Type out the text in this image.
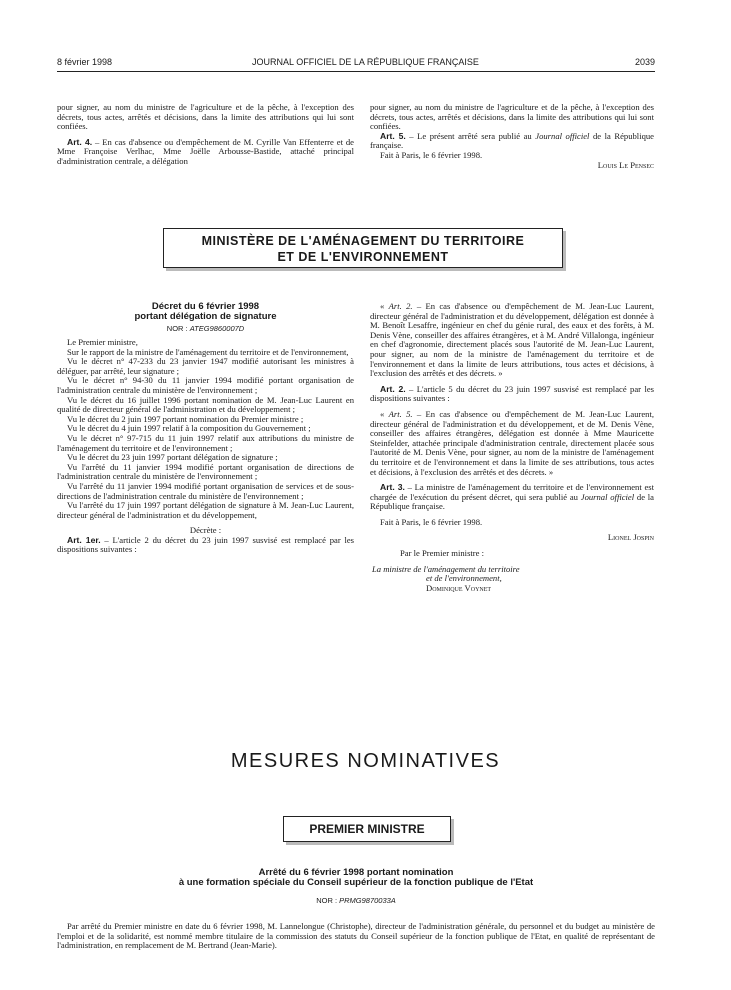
8 février 1998	JOURNAL OFFICIEL DE LA RÉPUBLIQUE FRANÇAISE	2039

pour signer, au nom du ministre de l'agriculture et de la pêche, à l'exception des décrets, tous actes, arrêtés et décisions, dans la limite des attributions qui lui sont confiées.

Art. 4. – En cas d'absence ou d'empêchement de M. Cyrille Van Effenterre et de Mme Françoise Verlhac, Mme Joëlle Arbousse-Bastide, attaché principal d'administration centrale, a délégation

pour signer, au nom du ministre de l'agriculture et de la pêche, à l'exception des décrets, tous actes, arrêtés et décisions, dans la limite des attributions qui lui sont confiées.

Art. 5. – Le présent arrêté sera publié au Journal officiel de la République française.

Fait à Paris, le 6 février 1998.

Louis Le Pensec

MINISTÈRE DE L'AMÉNAGEMENT DU TERRITOIRE
ET DE L'ENVIRONNEMENT
Décret du 6 février 1998
portant délégation de signature
NOR : ATEG9860007D

Le Premier ministre,

Sur le rapport de la ministre de l'aménagement du territoire et de l'environnement,

Vu le décret n° 47-233 du 23 janvier 1947 modifié autorisant les ministres à déléguer, par arrêté, leur signature ;

Vu le décret n° 94-30 du 11 janvier 1994 modifié portant organisation de l'administration centrale du ministère de l'environnement ;

Vu le décret du 16 juillet 1996 portant nomination de M. Jean-Luc Laurent en qualité de directeur général de l'administration et du développement ;

Vu le décret du 2 juin 1997 portant nomination du Premier ministre ;

Vu le décret du 4 juin 1997 relatif à la composition du Gouvernement ;

Vu le décret n° 97-715 du 11 juin 1997 relatif aux attributions du ministre de l'aménagement du territoire et de l'environnement ;

Vu le décret du 23 juin 1997 portant délégation de signature ;

Vu l'arrêté du 11 janvier 1994 modifié portant organisation de directions de l'administration centrale du ministère de l'environnement ;

Vu l'arrêté du 11 janvier 1994 modifié portant organisation de services et de sous-directions de l'administration centrale du ministère de l'environnement ;

Vu l'arrêté du 17 juin 1997 portant délégation de signature à M. Jean-Luc Laurent, directeur général de l'administration et du développement,

Décrète :

Art. 1er. – L'article 2 du décret du 23 juin 1997 susvisé est remplacé par les dispositions suivantes :

« Art. 2. – En cas d'absence ou d'empêchement de M. Jean-Luc Laurent, directeur général de l'administration et du développement, délégation est donnée à M. Benoît Lesaffre, ingénieur en chef du génie rural, des eaux et des forêts, à M. Denis Vène, conseiller des affaires étrangères, et à M. André Villalonga, ingénieur en chef d'agronomie, directement placés sous l'autorité de M. Jean-Luc Laurent, pour signer, au nom de la ministre de l'aménagement du territoire et de l'environnement et dans la limite de leurs attributions, tous actes et décisions, à l'exclusion des arrêtés et des décrets. »

Art. 2. – L'article 5 du décret du 23 juin 1997 susvisé est remplacé par les dispositions suivantes :

« Art. 5. – En cas d'absence ou d'empêchement de M. Jean-Luc Laurent, directeur général de l'administration et du développement, et de M. Denis Vène, conseiller des affaires étrangères, délégation est donnée à Mme Mauricette Steinfelder, attachée principale d'administration centrale, directement placée sous l'autorité de M. Denis Vène, pour signer, au nom de la ministre de l'aménagement du territoire et de l'environnement et dans la limite de ses attributions, tous actes et décisions, à l'exclusion des arrêtés et des décrets. »

Art. 3. – La ministre de l'aménagement du territoire et de l'environnement est chargée de l'exécution du présent décret, qui sera publié au Journal officiel de la République française.

Fait à Paris, le 6 février 1998.

Lionel Jospin

Par le Premier ministre :

La ministre de l'aménagement du territoire

et de l'environnement,

Dominique Voynet

MESURES NOMINATIVES
PREMIER MINISTRE
Arrêté du 6 février 1998 portant nomination
à une formation spéciale du Conseil supérieur de la fonction publique de l'Etat
NOR : PRMG9870033A

Par arrêté du Premier ministre en date du 6 février 1998, M. Lannelongue (Christophe), directeur de l'administration générale, du personnel et du budget au ministère de l'emploi et de la solidarité, est nommé membre titulaire de la commission des statuts du Conseil supérieur de la fonction publique de l'Etat, en qualité de représentant de l'administration, en remplacement de M. Bertrand (Jean-Marie).
